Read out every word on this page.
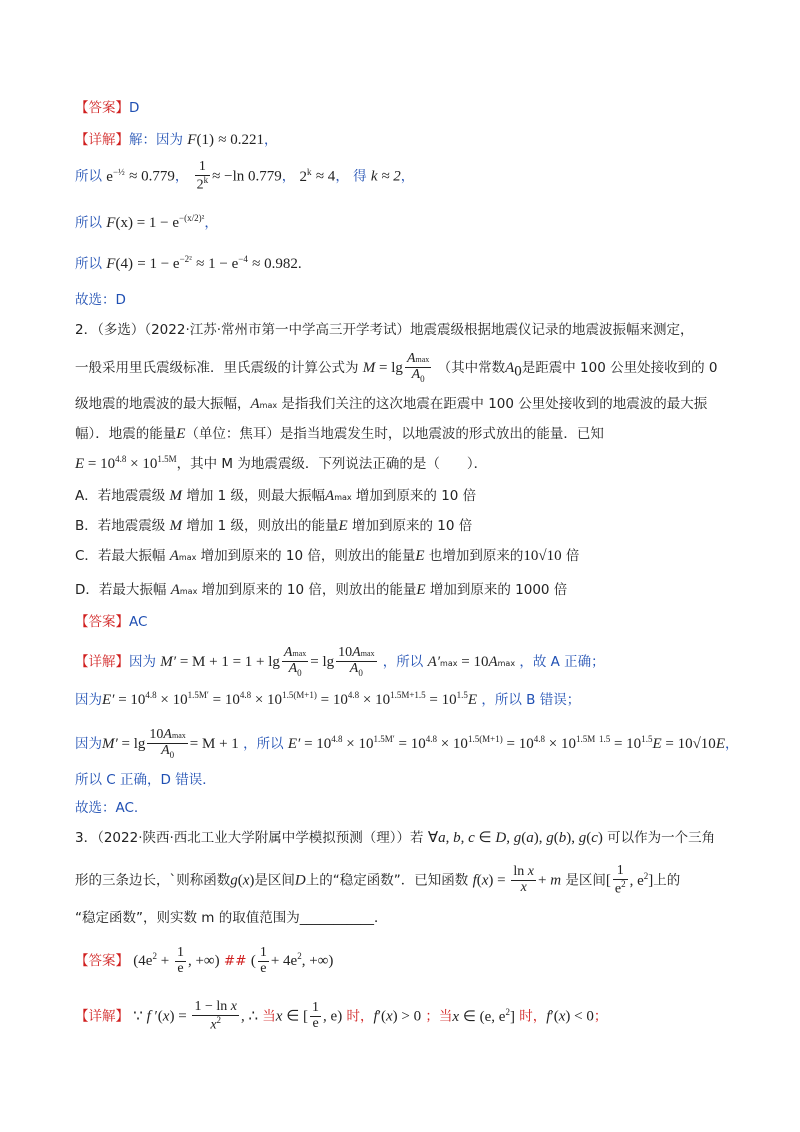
【答案】D
【详解】解：因为 F(1) ≈ 0.221，
所以 $e^{-\frac{1}{2}} \approx 0.779$， $\frac{1}{2^k} \approx -\ln$ 0.779， $2^k \approx 4$， 得 k ≈ 2，
所以 $F(x) = 1 - e^{-(x/2)^2}$，
所以 $F(4) = 1 - e^{-2^2} \approx 1 - e^{-4} \approx 0.982$.
故选：D
2．（多选）（2022·江苏·常州市第一中学高三开学考试）地震震级根据地震仪记录的地震波振幅来测定，
一般采用里氏震级标准．里氏震级的计算公式为 $M = \lg \frac{Amax}{A_0}$ （其中常数$A_0$是距震中 100 公里处接收到的 0
级地震的地震波的最大振幅，Amax 是指我们关注的这次地震在距震中 100 公里处接收到的地震波的最大振
幅）．地震的能量E（单位：焦耳）是指当地震发生时，以地震波的形式放出的能量．已知
$E = 10^{4.8} \times 10^{1.5M}$，其中 M 为地震震级．下列说法正确的是（　　）．
A．若地震震级 M 增加 1 级，则最大振幅Amax 增加到原来的 10 倍
B．若地震震级 M 增加 1 级，则放出的能量E 增加到原来的 10 倍
C．若最大振幅 Amax 增加到原来的 10 倍，则放出的能量E 也增加到原来的10√10 倍
D．若最大振幅 Amax 增加到原来的 10 倍，则放出的能量E 增加到原来的 1000 倍
【答案】AC
【详解】因为 $M' = M + 1 = 1 + \lg \frac{Amax}{A_0} = \lg \frac{10Amax}{A_0}$ ，所以 A′max = 10Amax ，故 A 正确；
因为$E' = 10^{4.8} \times 10^{1.5M'} = 10^{4.8} \times 10^{1.5(M+1)} = 10^{4.8} \times 10^{1.5M+1.5} = 10^{1.5}E$ ，所以 B 错误；
因为$M' = \lg \frac{10Amax}{A_0} = M + 1$ ，所以 $E' = 10^{4.8} \times 10^{1.5M'} = 10^{4.8} \times 10^{1.5(M+1)} = 10^{4.8} \times 10^{1.5M}$ $^{1.5} = 10^{1.5}E = 10√10E$，
所以 C 正确，D 错误．
故选：AC.
3．（2022·陕西·西北工业大学附属中学模拟预测（理））若 ∀a, b, c ∈ D, g(a), g(b), g(c) 可以作为一个三角
形的三条边长，`则称函数g(x)是区间D上的“稳定函数”．已知函数 $f(x) = \frac{\text{ln x}}{x} + m$ 是区间[ $\frac{1}{e^2}$ , $e^2$]上的
“稳定函数”，则实数 m 的取值范围为___________．
【答案】 ($4e^2 + \frac{1}{e}$ , +∞) ## ( $\frac{1}{e} + 4e^2$, +∞)
【详解】 ∵ f $'(x) = \frac{\text{1 − ln x}}{x^2}$ , ∴ 当x ∈ [ $\frac{1}{e}$ , e) 时，f′(x) > 0 ；当x ∈ (e, $e^2$] 时，f′(x) < 0；
